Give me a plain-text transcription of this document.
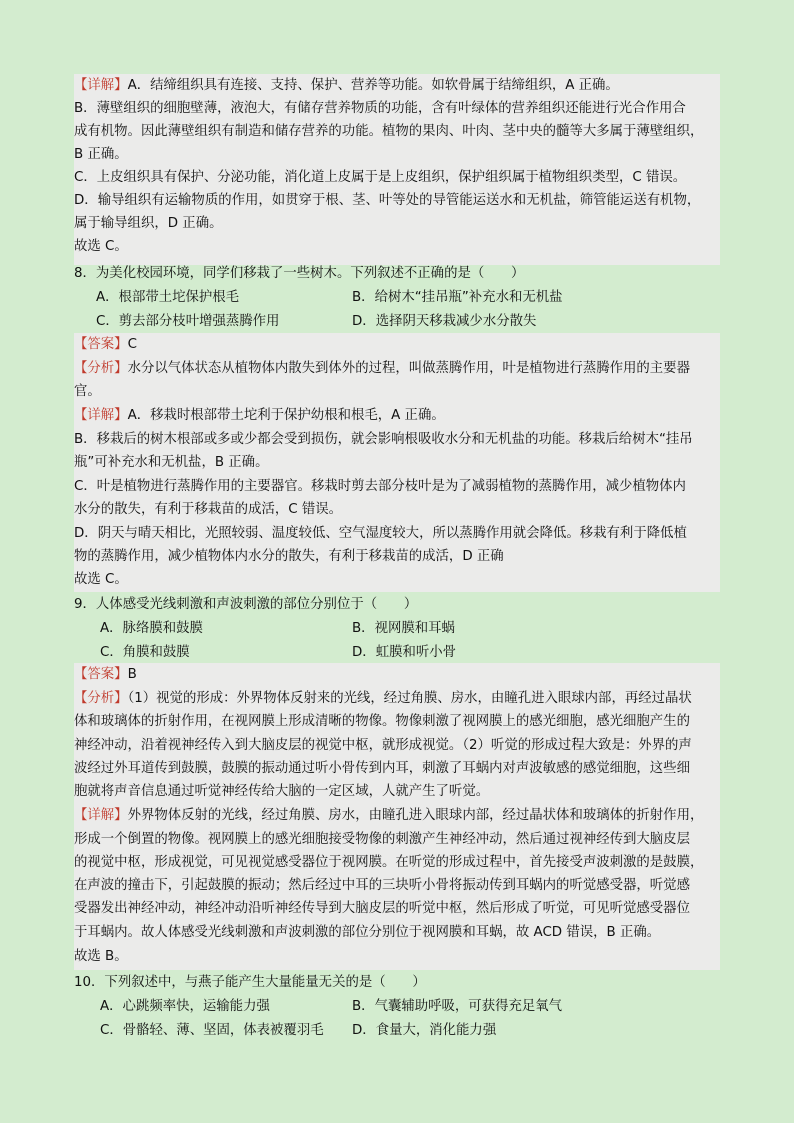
【详解】A．结缔组织具有连接、支持、保护、营养等功能。如软骨属于结缔组织，A 正确。
B．薄壁组织的细胞壁薄，液泡大，有储存营养物质的功能，含有叶绿体的营养组织还能进行光合作用合
成有机物。因此薄壁组织有制造和储存营养的功能。植物的果肉、叶肉、茎中央的髓等大多属于薄壁组织，
B 正确。
C．上皮组织具有保护、分泌功能，消化道上皮属于是上皮组织，保护组织属于植物组织类型，C 错误。
D．输导组织有运输物质的作用，如贯穿于根、茎、叶等处的导管能运送水和无机盐，筛管能运送有机物，
属于输导组织，D 正确。
故选 C。
8．为美化校园环境，同学们移栽了一些树木。下列叙述不正确的是（　　）
A．根部带土坨保护根毛	B．给树木“挂吊瓶”补充水和无机盐
C．剪去部分枝叶增强蒸腾作用	D．选择阴天移栽减少水分散失
【答案】C
【分析】水分以气体状态从植物体内散失到体外的过程，叫做蒸腾作用，叶是植物进行蒸腾作用的主要器
官。
【详解】A．移栽时根部带土坨利于保护幼根和根毛，A 正确。
B．移栽后的树木根部或多或少都会受到损伤，就会影响根吸收水分和无机盐的功能。移栽后给树木“挂吊
瓶”可补充水和无机盐，B 正确。
C．叶是植物进行蒸腾作用的主要器官。移栽时剪去部分枝叶是为了减弱植物的蒸腾作用，减少植物体内
水分的散失，有利于移栽苗的成活，C 错误。
D．阴天与晴天相比，光照较弱、温度较低、空气湿度较大，所以蒸腾作用就会降低。移栽有利于降低植
物的蒸腾作用，减少植物体内水分的散失，有利于移栽苗的成活，D 正确
故选 C。
9．人体感受光线刺激和声波刺激的部位分别位于（　　）
A．脉络膜和鼓膜	B．视网膜和耳蜗
C．角膜和鼓膜	D．虹膜和听小骨
【答案】B
【分析】（1）视觉的形成：外界物体反射来的光线，经过角膜、房水，由瞳孔进入眼球内部，再经过晶状
体和玻璃体的折射作用，在视网膜上形成清晰的物像。物像刺激了视网膜上的感光细胞，感光细胞产生的
神经冲动，沿着视神经传入到大脑皮层的视觉中枢，就形成视觉。（2）听觉的形成过程大致是：外界的声
波经过外耳道传到鼓膜，鼓膜的振动通过听小骨传到内耳，刺激了耳蜗内对声波敏感的感觉细胞，这些细
胞就将声音信息通过听觉神经传给大脑的一定区域，人就产生了听觉。
【详解】外界物体反射的光线，经过角膜、房水，由瞳孔进入眼球内部，经过晶状体和玻璃体的折射作用，
形成一个倒置的物像。视网膜上的感光细胞接受物像的刺激产生神经冲动，然后通过视神经传到大脑皮层
的视觉中枢，形成视觉，可见视觉感受器位于视网膜。在听觉的形成过程中，首先接受声波刺激的是鼓膜，
在声波的撞击下，引起鼓膜的振动；然后经过中耳的三块听小骨将振动传到耳蜗内的听觉感受器，听觉感
受器发出神经冲动，神经冲动沿听神经传导到大脑皮层的听觉中枢，然后形成了听觉，可见听觉感受器位
于耳蜗内。故人体感受光线刺激和声波刺激的部位分别位于视网膜和耳蜗，故 ACD 错误，B 正确。
故选 B。
10．下列叙述中，与燕子能产生大量能量无关的是（　　）
A．心跳频率快，运输能力强	B．气囊辅助呼吸，可获得充足氧气
C．骨骼轻、薄、坚固，体表被覆羽毛 D．食量大，消化能力强
